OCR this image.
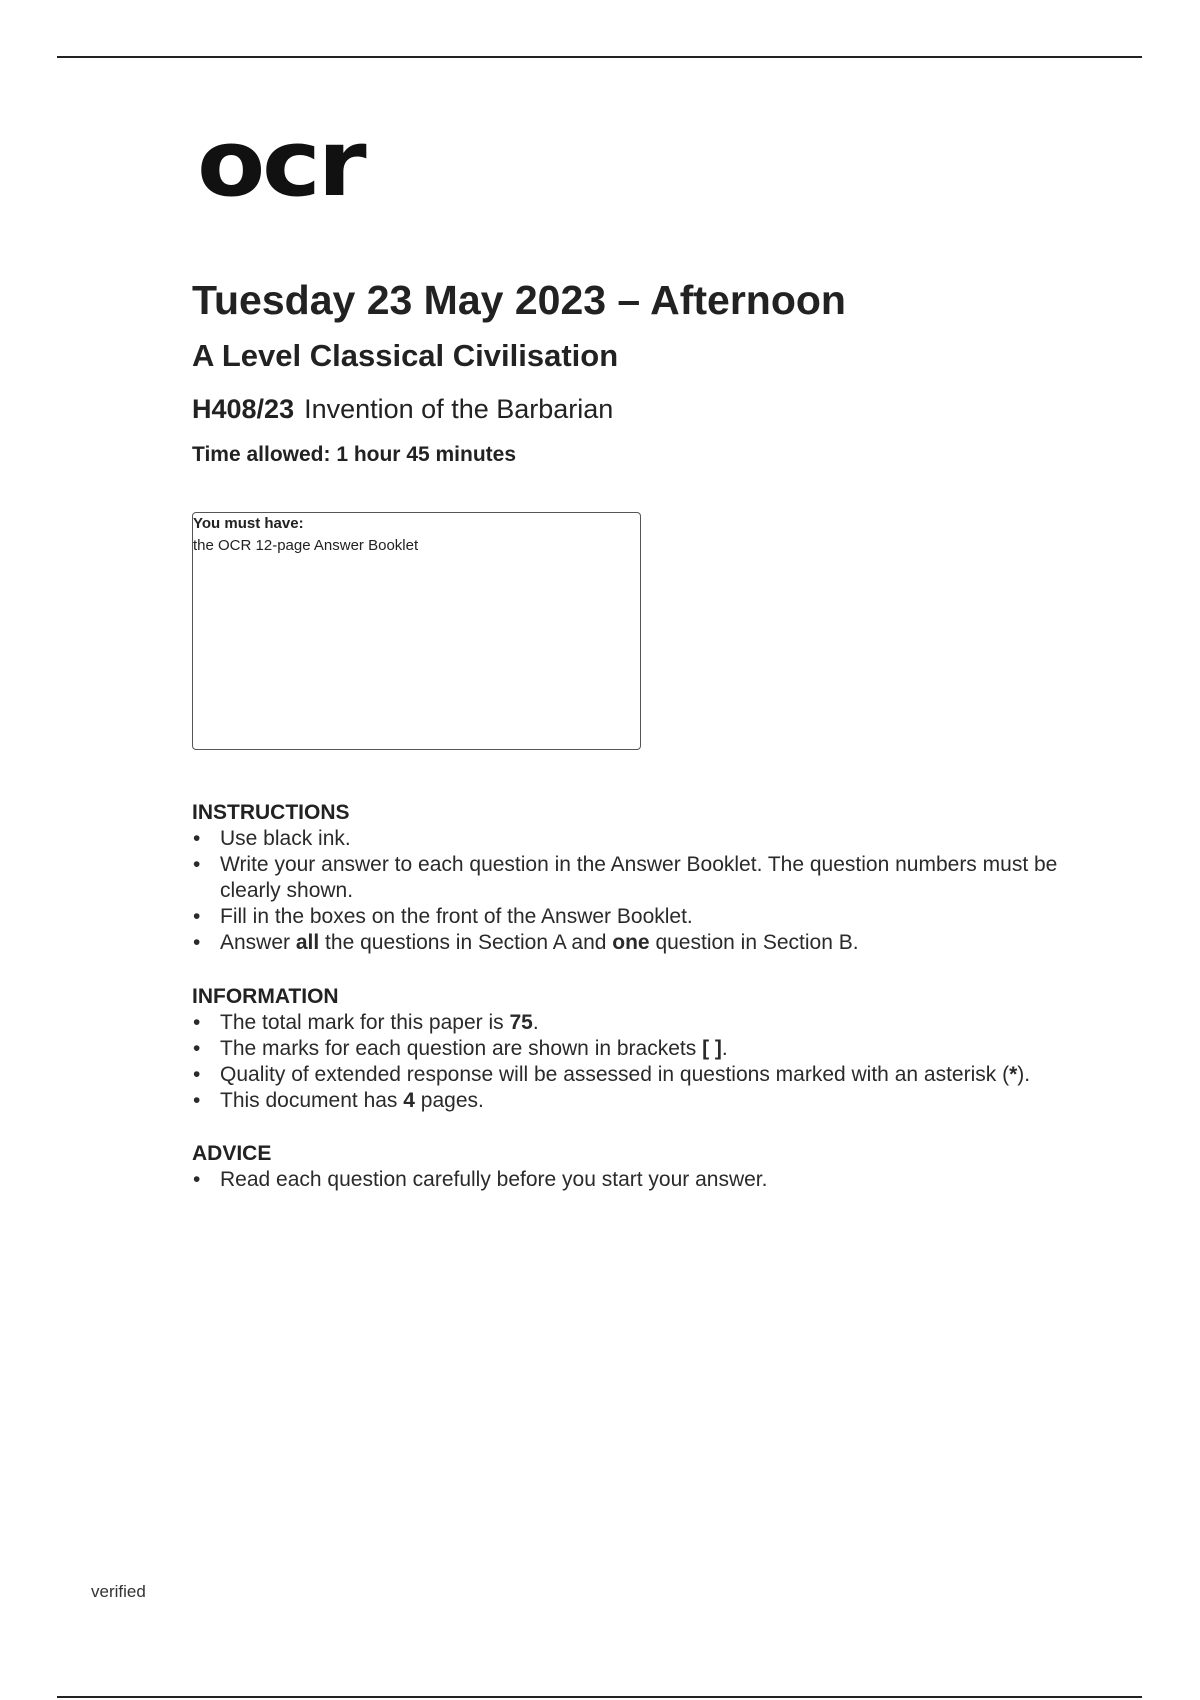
ocr
Tuesday 23 May 2023 – Afternoon
A Level Classical Civilisation
H408/23 Invention of the Barbarian
Time allowed: 1 hour 45 minutes
You must have:
the OCR 12-page Answer Booklet
INSTRUCTIONS
• Use black ink.
• Write your answer to each question in the Answer Booklet. The question numbers must be clearly shown.
• Fill in the boxes on the front of the Answer Booklet.
• Answer all the questions in Section A and one question in Section B.
INFORMATION
• The total mark for this paper is 75.
• The marks for each question are shown in brackets [ ].
• Quality of extended response will be assessed in questions marked with an asterisk (*).
• This document has 4 pages.
ADVICE
• Read each question carefully before you start your answer.
verified
